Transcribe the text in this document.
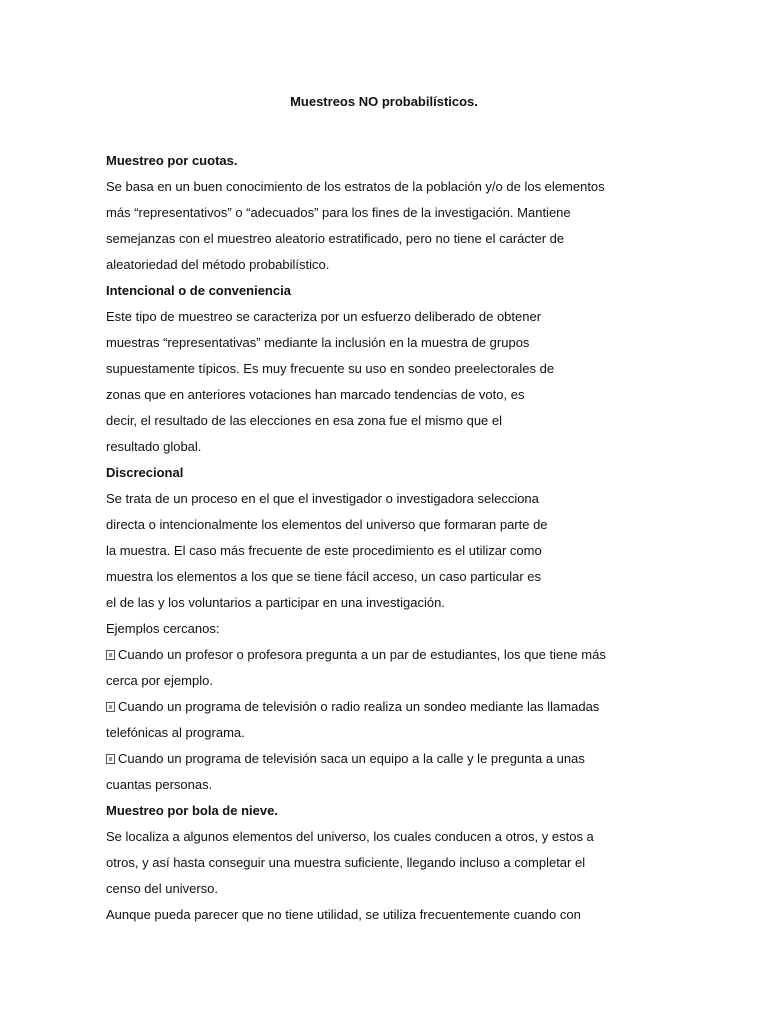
Muestreos NO probabilísticos.
Muestreo por cuotas.
Se basa en un buen conocimiento de los estratos de la población y/o de los elementos
más “representativos” o “adecuados” para los fines de la investigación. Mantiene
semejanzas con el muestreo aleatorio estratificado, pero no tiene el carácter de
aleatoriedad del método probabilístico.
Intencional o de conveniencia
Este tipo de muestreo se caracteriza por un esfuerzo deliberado de obtener
muestras “representativas” mediante la inclusión en la muestra de grupos
supuestamente típicos. Es muy frecuente su uso en sondeo preelectorales de
zonas que en anteriores votaciones han marcado tendencias de voto, es
decir, el resultado de las elecciones en esa zona fue el mismo que el
resultado global.
Discrecional
Se trata de un proceso en el que el investigador o investigadora selecciona
directa o intencionalmente los elementos del universo que formaran parte de
la muestra. El caso más frecuente de este procedimiento es el utilizar como
muestra los elementos a los que se tiene fácil acceso, un caso particular es
el de las y los voluntarios a participar en una investigación.
Ejemplos cercanos:
Cuando un profesor o profesora pregunta a un par de estudiantes, los que tiene más
cerca por ejemplo.
Cuando un programa de televisión o radio realiza un sondeo mediante las llamadas
telefónicas al programa.
Cuando un programa de televisión saca un equipo a la calle y le pregunta a unas
cuantas personas.
Muestreo por bola de nieve.
Se localiza a algunos elementos del universo, los cuales conducen a otros, y estos a
otros, y así hasta conseguir una muestra suficiente, llegando incluso a completar el
censo del universo.
Aunque pueda parecer que no tiene utilidad, se utiliza frecuentemente cuando con
